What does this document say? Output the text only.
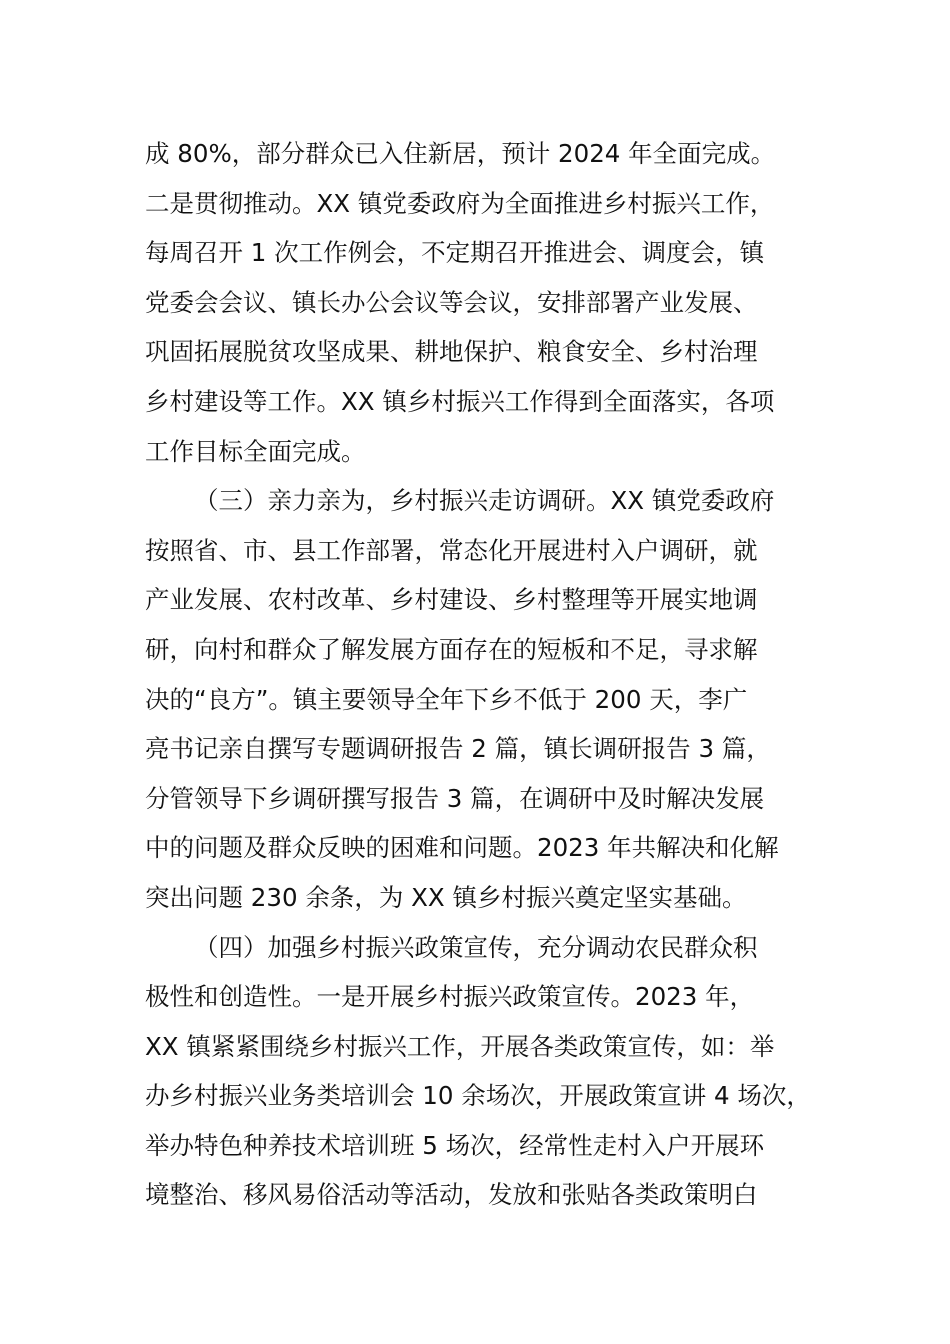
成 80%，部分群众已入住新居，预计 2024 年全面完成。
二是贯彻推动。XX 镇党委政府为全面推进乡村振兴工作，
每周召开 1 次工作例会，不定期召开推进会、调度会，镇
党委会会议、镇长办公会议等会议，安排部署产业发展、
巩固拓展脱贫攻坚成果、耕地保护、粮食安全、乡村治理
乡村建设等工作。XX 镇乡村振兴工作得到全面落实，各项
工作目标全面完成。
（三）亲力亲为，乡村振兴走访调研。XX 镇党委政府
按照省、市、县工作部署，常态化开展进村入户调研，就
产业发展、农村改革、乡村建设、乡村整理等开展实地调
研，向村和群众了解发展方面存在的短板和不足，寻求解
决的“良方”。镇主要领导全年下乡不低于 200 天，李广
亮书记亲自撰写专题调研报告 2 篇，镇长调研报告 3 篇，
分管领导下乡调研撰写报告 3 篇，在调研中及时解决发展
中的问题及群众反映的困难和问题。2023 年共解决和化解
突出问题 230 余条，为 XX 镇乡村振兴奠定坚实基础。
（四）加强乡村振兴政策宣传，充分调动农民群众积
极性和创造性。一是开展乡村振兴政策宣传。2023 年，
XX 镇紧紧围绕乡村振兴工作，开展各类政策宣传，如：举
办乡村振兴业务类培训会 10 余场次，开展政策宣讲 4 场次，
举办特色种养技术培训班 5 场次，经常性走村入户开展环
境整治、移风易俗活动等活动，发放和张贴各类政策明白
